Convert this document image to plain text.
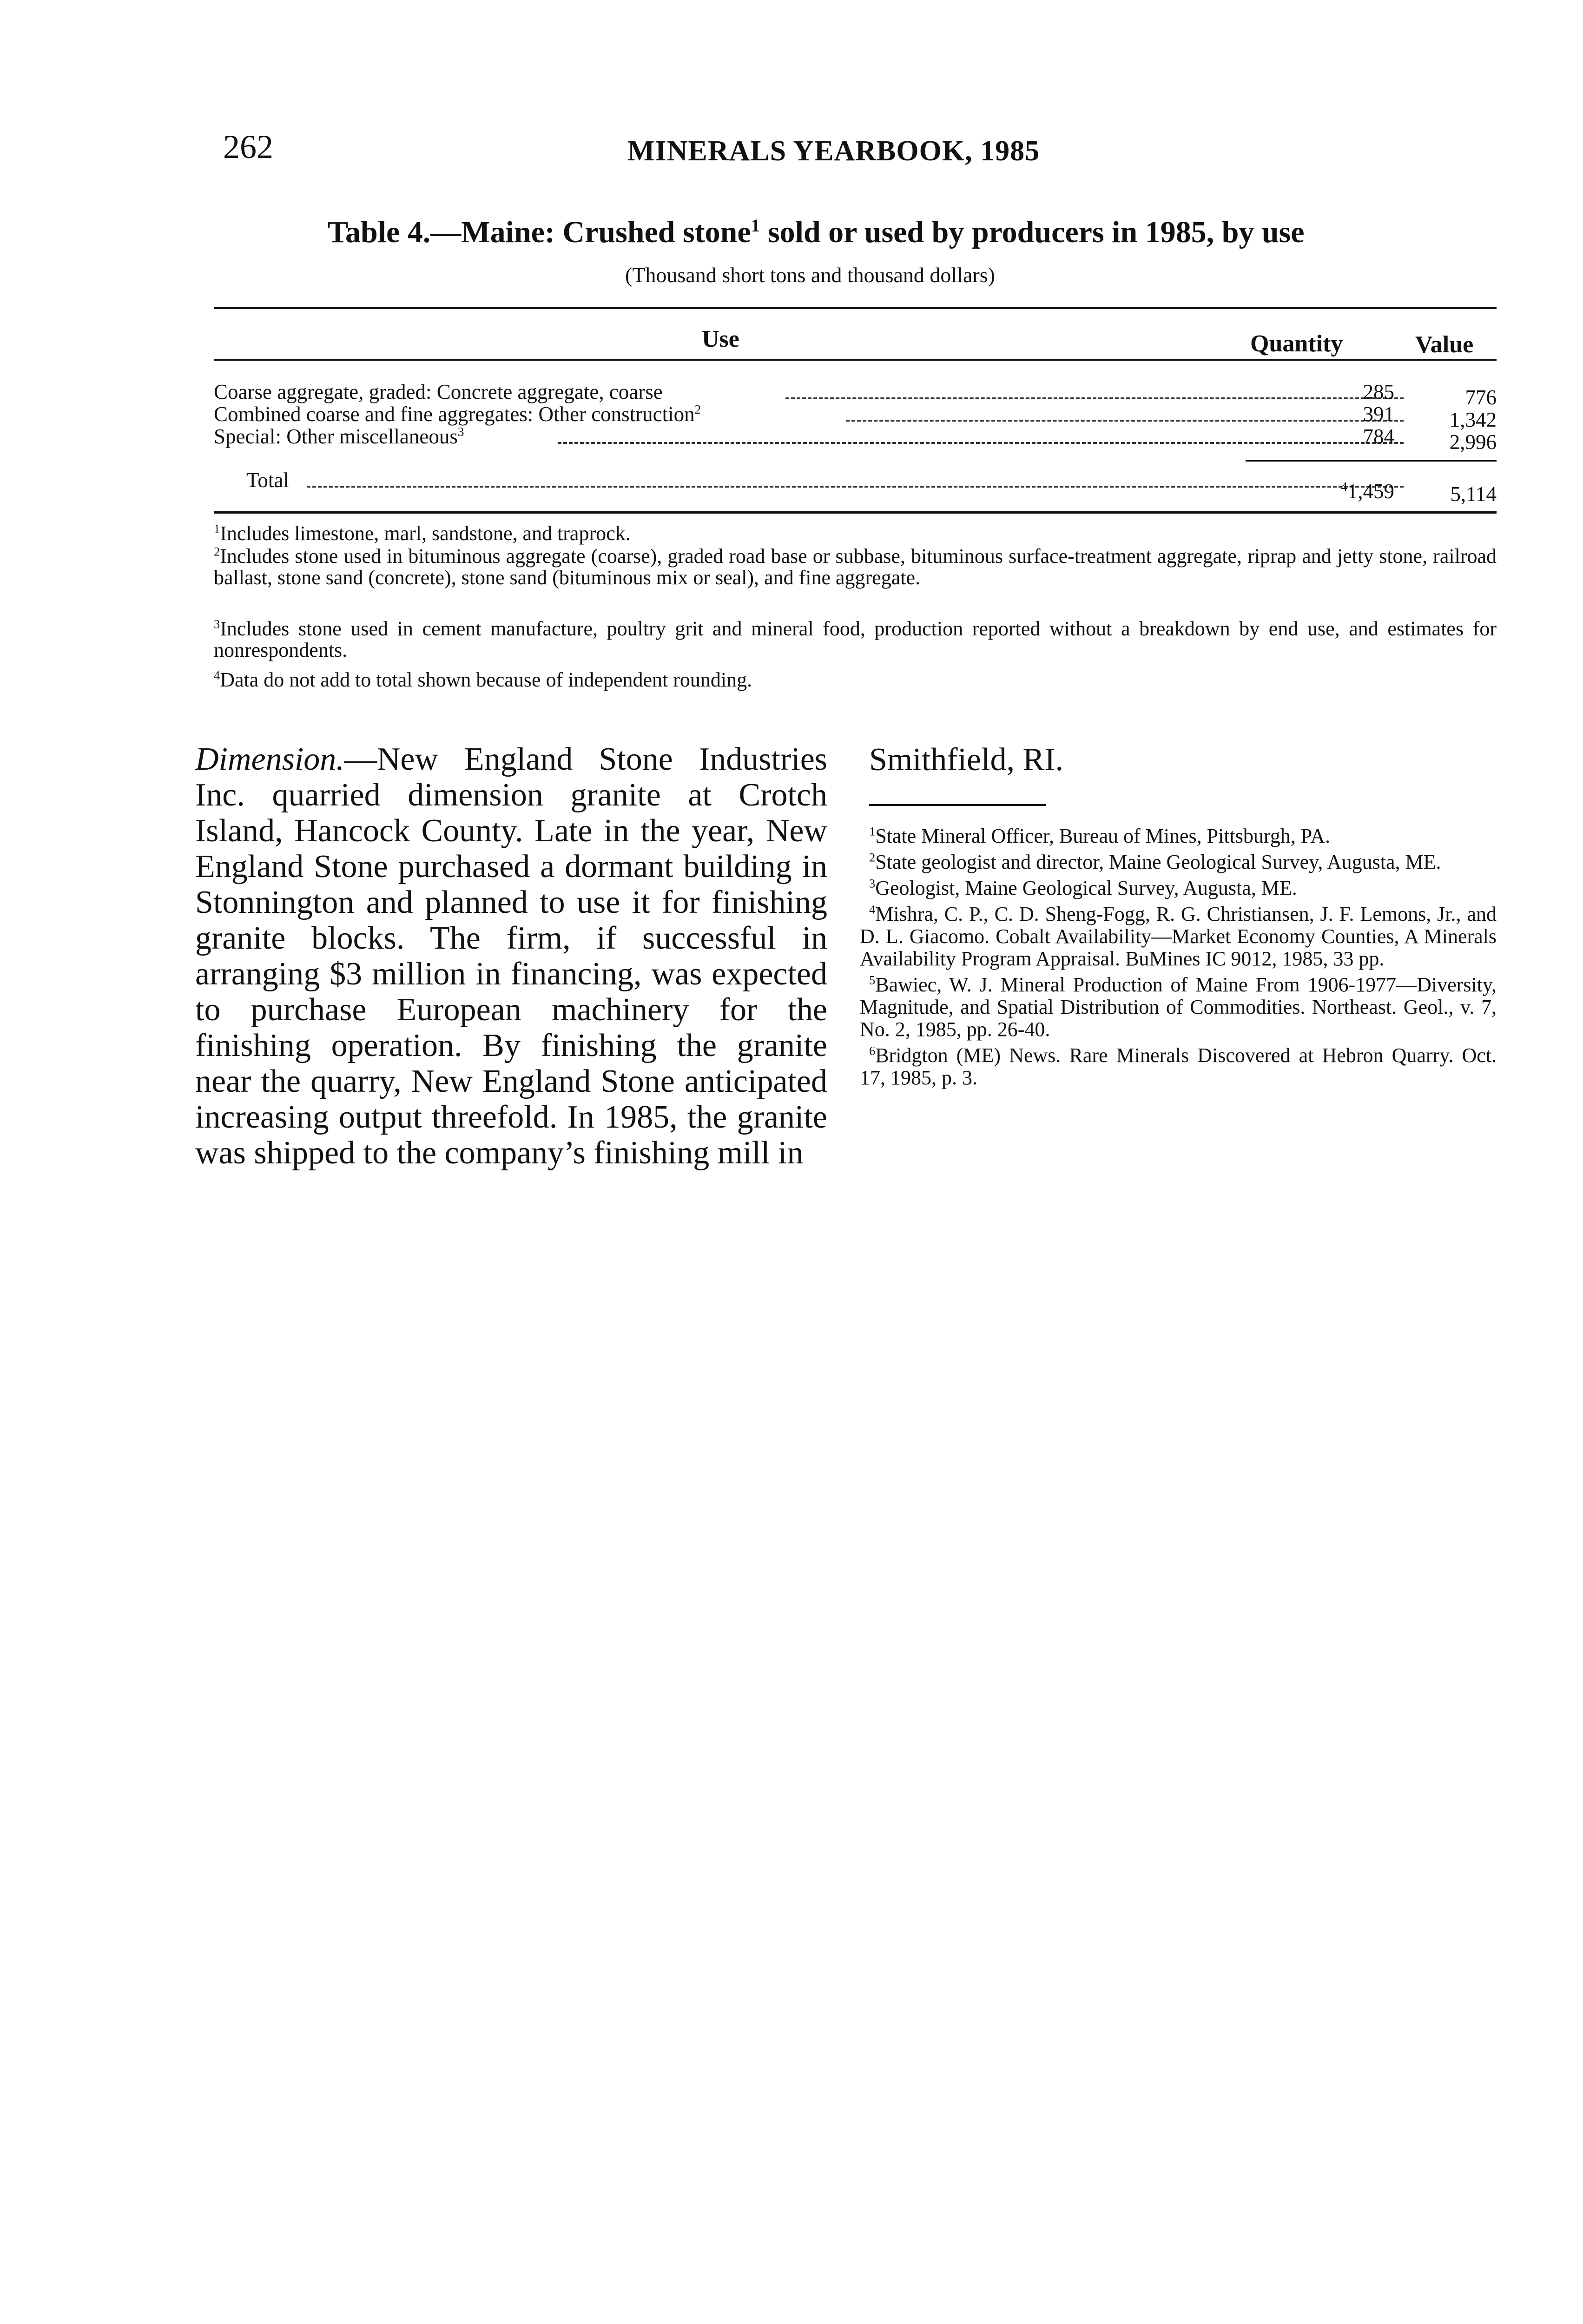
262	MINERALS YEARBOOK, 1985
Table 4.—Maine: Crushed stone$^1$ sold or used by producers in 1985, by use
(Thousand short tons and thousand dollars)
Use	Quantity	Value
Coarse aggregate, graded: Concrete aggregate, coarse	285	776
Combined coarse and fine aggregates: Other construction$^2$	391	1,342
Special: Other miscellaneous$^3$	784	2,996
Total	$^4$1,459	5,114
$^1$Includes limestone, marl, sandstone, and traprock.
$^2$Includes stone used in bituminous aggregate (coarse), graded road base or subbase, bituminous surface-treatment aggregate, riprap and jetty stone, railroad ballast, stone sand (concrete), stone sand (bituminous mix or seal), and fine aggregate.
$^3$Includes stone used in cement manufacture, poultry grit and mineral food, production reported without a breakdown by end use, and estimates for nonrespondents.
$^4$Data do not add to total shown because of independent rounding.
Dimension.—New England Stone Industries Inc. quarried dimension granite at Crotch Island, Hancock County. Late in the year, New England Stone purchased a dormant building in Stonnington and planned to use it for finishing granite blocks. The firm, if successful in arranging $3 million in financing, was expected to purchase European machinery for the finishing operation. By finishing the granite near the quarry, New England Stone anticipated increasing output threefold. In 1985, the granite was shipped to the company’s finishing mill in
Smithfield, RI.

$^1$State Mineral Officer, Bureau of Mines, Pittsburgh, PA.

$^2$State geologist and director, Maine Geological Survey, Augusta, ME.

$^3$Geologist, Maine Geological Survey, Augusta, ME.

$^4$Mishra, C. P., C. D. Sheng-Fogg, R. G. Christiansen, J. F. Lemons, Jr., and D. L. Giacomo. Cobalt Availability—Market Economy Counties, A Minerals Availability Program Appraisal. BuMines IC 9012, 1985, 33 pp.

$^5$Bawiec, W. J. Mineral Production of Maine From 1906-1977—Diversity, Magnitude, and Spatial Distribution of Commodities. Northeast. Geol., v. 7, No. 2, 1985, pp. 26-40.

$^6$Bridgton (ME) News. Rare Minerals Discovered at Hebron Quarry. Oct. 17, 1985, p. 3.
